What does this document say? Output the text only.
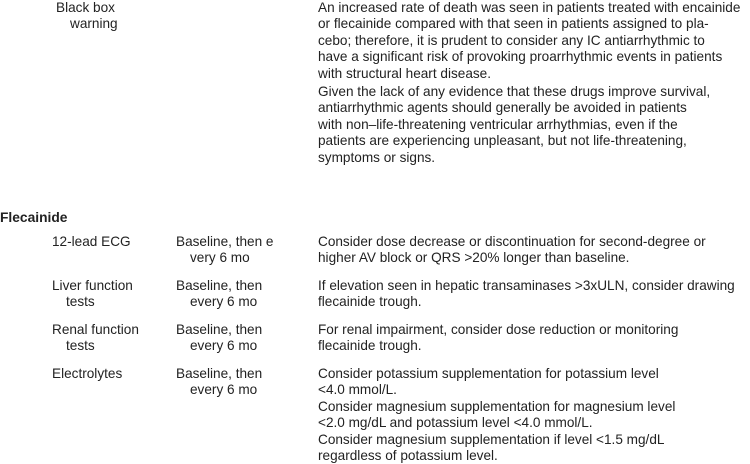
Black box
warning
An increased rate of death was seen in patients treated with encainide
or flecainide compared with that seen in patients assigned to pla-
cebo; therefore, it is prudent to consider any IC antiarrhythmic to
have a significant risk of provoking proarrhythmic events in patients
with structural heart disease.
Given the lack of any evidence that these drugs improve survival,
antiarrhythmic agents should generally be avoided in patients
with non–life-threatening ventricular arrhythmias, even if the
patients are experiencing unpleasant, but not life-threatening,
symptoms or signs.
Flecainide
12-lead ECG	Baseline, then e
very 6 mo
Consider dose decrease or discontinuation for second-degree or
higher AV block or QRS >20% longer than baseline.
Liver function
tests
Baseline, then
every 6 mo
If elevation seen in hepatic transaminases >3xULN, consider drawing
flecainide trough.
Renal function
tests
Baseline, then
every 6 mo
For renal impairment, consider dose reduction or monitoring
flecainide trough.
Electrolytes	Baseline, then
every 6 mo
Consider potassium supplementation for potassium level
<4.0 mmol/L.
Consider magnesium supplementation for magnesium level
<2.0 mg/dL and potassium level <4.0 mmol/L.
Consider magnesium supplementation if level <1.5 mg/dL
regardless of potassium level.
